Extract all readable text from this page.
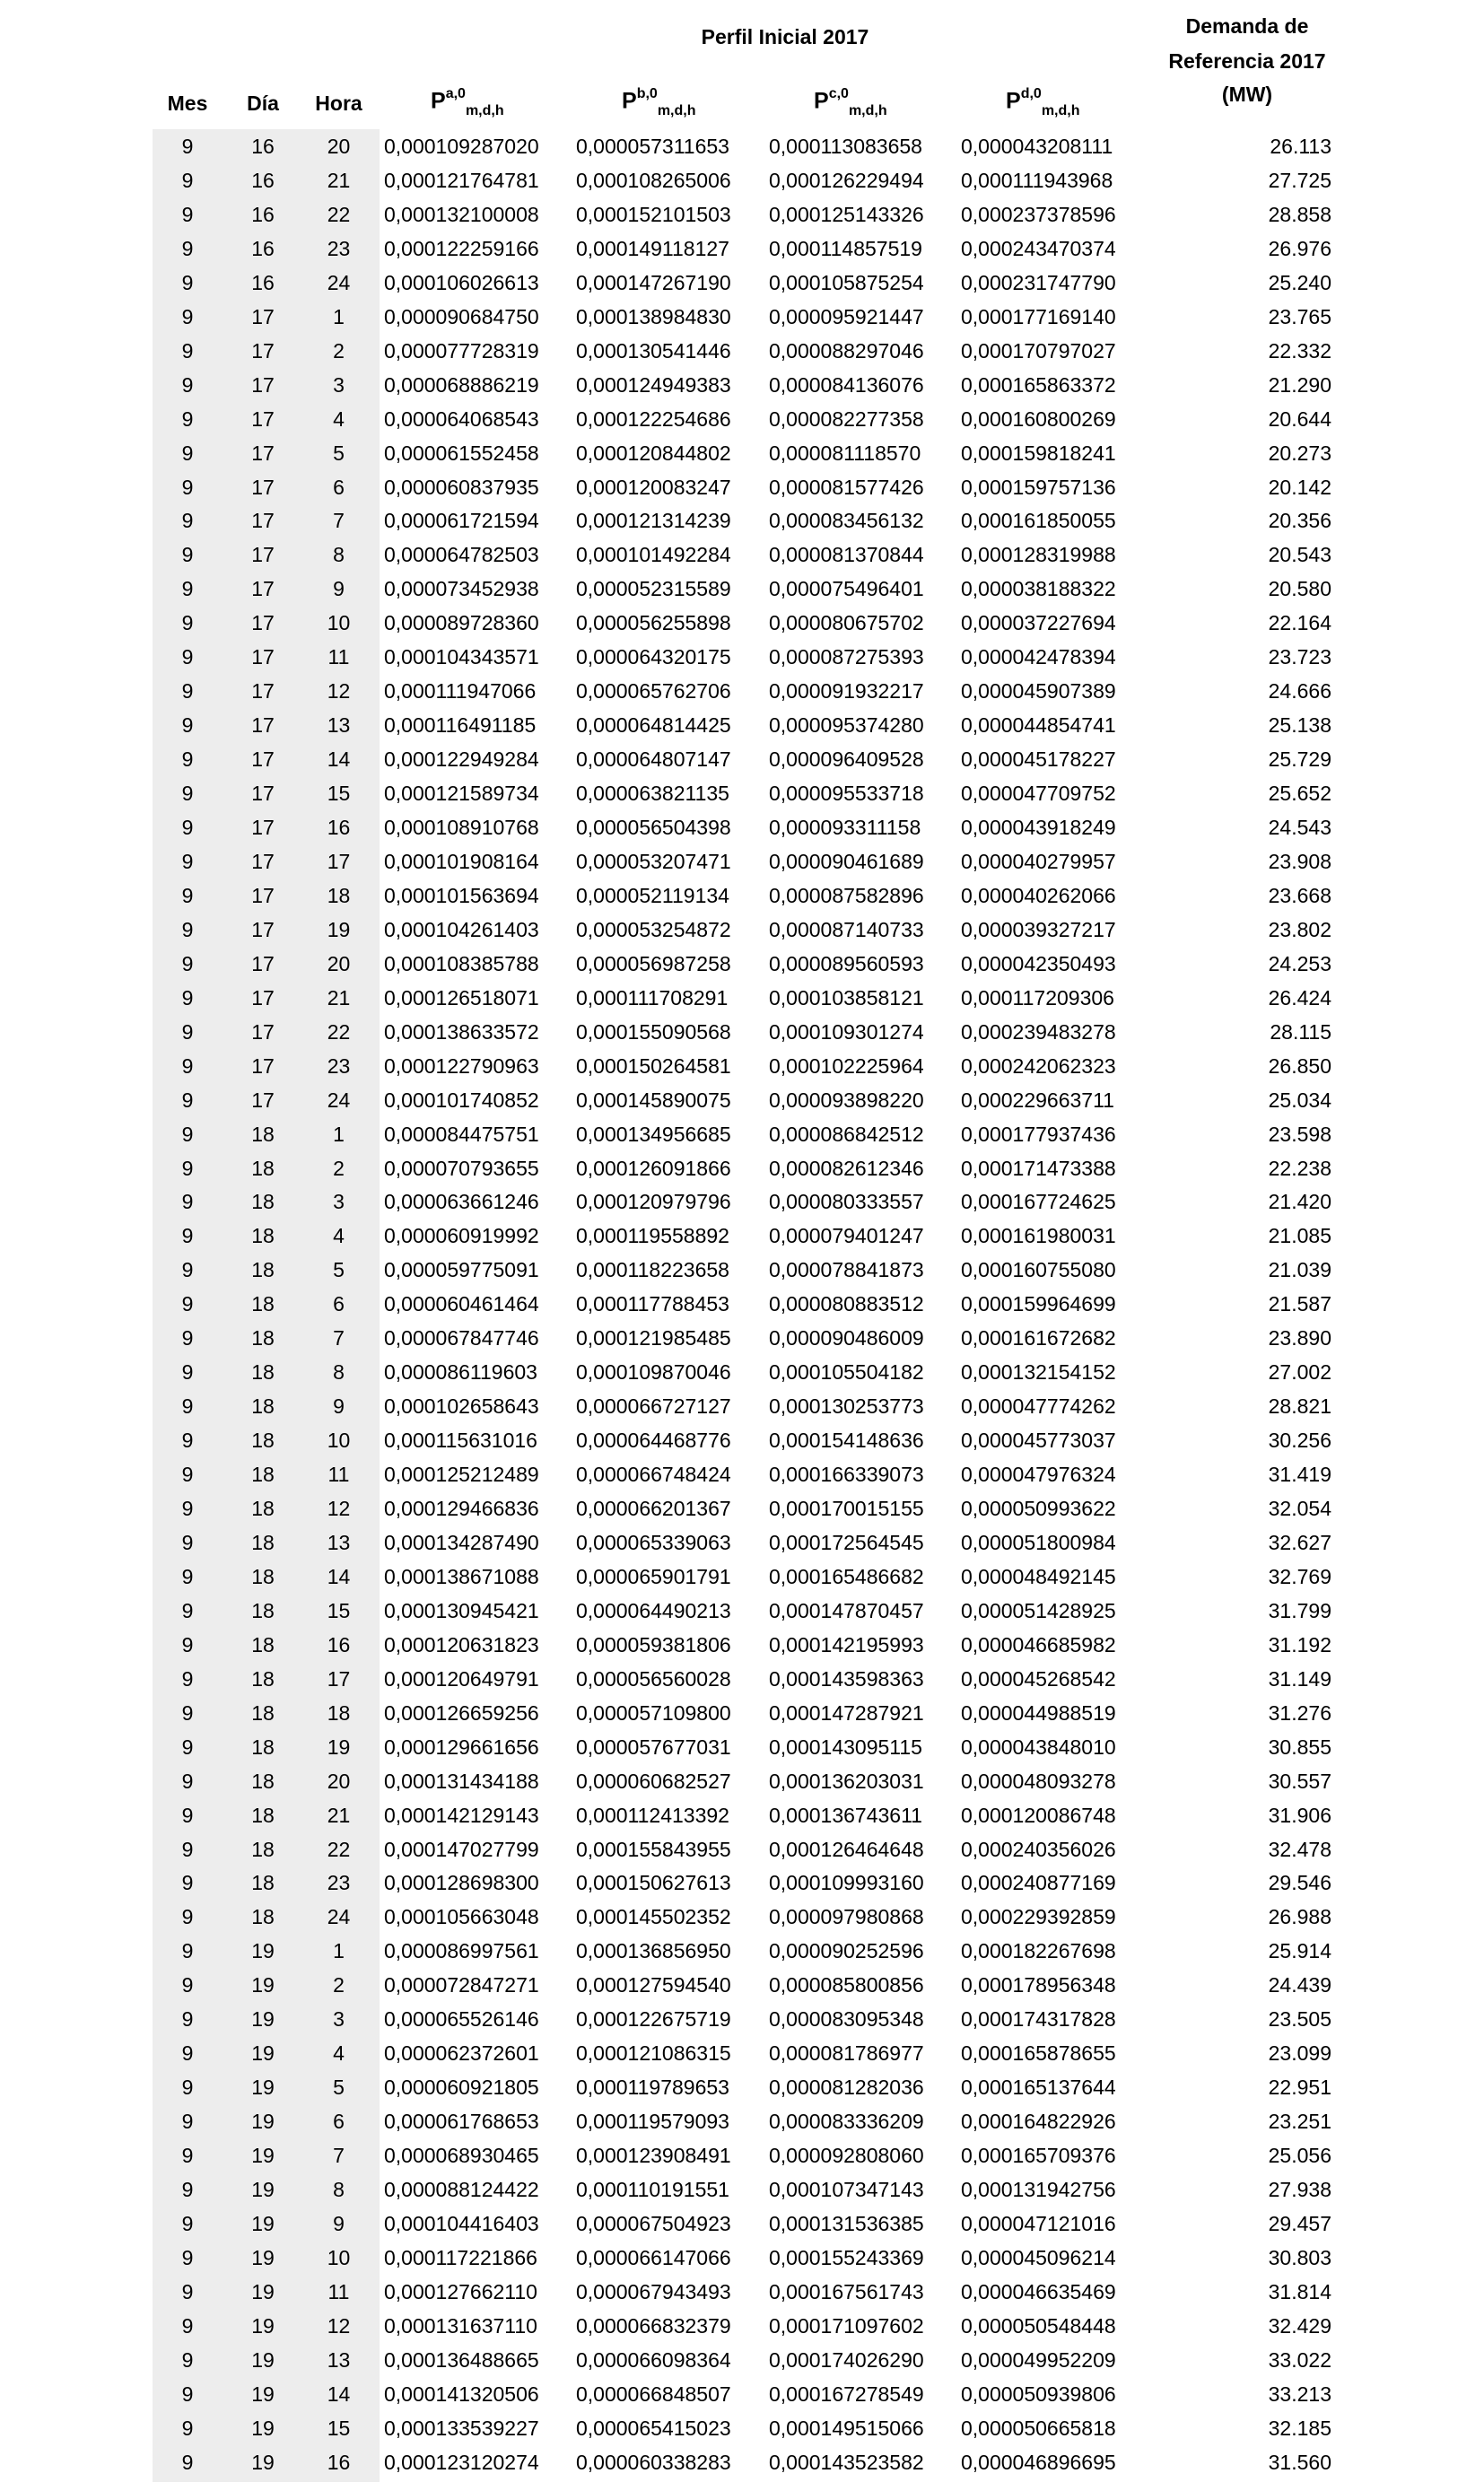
Perfil Inicial 2017	Demanda de
Referencia 2017
(MW)
Mes	Día	Hora	P$^{a,0}_{m,d,h}$	P$^{b,0}_{m,d,h}$	P$^{c,0}_{m,d,h}$	P$^{d,0}_{m,d,h}$
9	16	20	0,000109287020	0,000057311653	0,000113083658	0,000043208111	26.113
9	16	21	0,000121764781	0,000108265006	0,000126229494	0,000111943968	27.725
9	16	22	0,000132100008	0,000152101503	0,000125143326	0,000237378596	28.858
9	16	23	0,000122259166	0,000149118127	0,000114857519	0,000243470374	26.976
9	16	24	0,000106026613	0,000147267190	0,000105875254	0,000231747790	25.240
9	17	1	0,000090684750	0,000138984830	0,000095921447	0,000177169140	23.765
9	17	2	0,000077728319	0,000130541446	0,000088297046	0,000170797027	22.332
9	17	3	0,000068886219	0,000124949383	0,000084136076	0,000165863372	21.290
9	17	4	0,000064068543	0,000122254686	0,000082277358	0,000160800269	20.644
9	17	5	0,000061552458	0,000120844802	0,000081118570	0,000159818241	20.273
9	17	6	0,000060837935	0,000120083247	0,000081577426	0,000159757136	20.142
9	17	7	0,000061721594	0,000121314239	0,000083456132	0,000161850055	20.356
9	17	8	0,000064782503	0,000101492284	0,000081370844	0,000128319988	20.543
9	17	9	0,000073452938	0,000052315589	0,000075496401	0,000038188322	20.580
9	17	10	0,000089728360	0,000056255898	0,000080675702	0,000037227694	22.164
9	17	11	0,000104343571	0,000064320175	0,000087275393	0,000042478394	23.723
9	17	12	0,000111947066	0,000065762706	0,000091932217	0,000045907389	24.666
9	17	13	0,000116491185	0,000064814425	0,000095374280	0,000044854741	25.138
9	17	14	0,000122949284	0,000064807147	0,000096409528	0,000045178227	25.729
9	17	15	0,000121589734	0,000063821135	0,000095533718	0,000047709752	25.652
9	17	16	0,000108910768	0,000056504398	0,000093311158	0,000043918249	24.543
9	17	17	0,000101908164	0,000053207471	0,000090461689	0,000040279957	23.908
9	17	18	0,000101563694	0,000052119134	0,000087582896	0,000040262066	23.668
9	17	19	0,000104261403	0,000053254872	0,000087140733	0,000039327217	23.802
9	17	20	0,000108385788	0,000056987258	0,000089560593	0,000042350493	24.253
9	17	21	0,000126518071	0,000111708291	0,000103858121	0,000117209306	26.424
9	17	22	0,000138633572	0,000155090568	0,000109301274	0,000239483278	28.115
9	17	23	0,000122790963	0,000150264581	0,000102225964	0,000242062323	26.850
9	17	24	0,000101740852	0,000145890075	0,000093898220	0,000229663711	25.034
9	18	1	0,000084475751	0,000134956685	0,000086842512	0,000177937436	23.598
9	18	2	0,000070793655	0,000126091866	0,000082612346	0,000171473388	22.238
9	18	3	0,000063661246	0,000120979796	0,000080333557	0,000167724625	21.420
9	18	4	0,000060919992	0,000119558892	0,000079401247	0,000161980031	21.085
9	18	5	0,000059775091	0,000118223658	0,000078841873	0,000160755080	21.039
9	18	6	0,000060461464	0,000117788453	0,000080883512	0,000159964699	21.587
9	18	7	0,000067847746	0,000121985485	0,000090486009	0,000161672682	23.890
9	18	8	0,000086119603	0,000109870046	0,000105504182	0,000132154152	27.002
9	18	9	0,000102658643	0,000066727127	0,000130253773	0,000047774262	28.821
9	18	10	0,000115631016	0,000064468776	0,000154148636	0,000045773037	30.256
9	18	11	0,000125212489	0,000066748424	0,000166339073	0,000047976324	31.419
9	18	12	0,000129466836	0,000066201367	0,000170015155	0,000050993622	32.054
9	18	13	0,000134287490	0,000065339063	0,000172564545	0,000051800984	32.627
9	18	14	0,000138671088	0,000065901791	0,000165486682	0,000048492145	32.769
9	18	15	0,000130945421	0,000064490213	0,000147870457	0,000051428925	31.799
9	18	16	0,000120631823	0,000059381806	0,000142195993	0,000046685982	31.192
9	18	17	0,000120649791	0,000056560028	0,000143598363	0,000045268542	31.149
9	18	18	0,000126659256	0,000057109800	0,000147287921	0,000044988519	31.276
9	18	19	0,000129661656	0,000057677031	0,000143095115	0,000043848010	30.855
9	18	20	0,000131434188	0,000060682527	0,000136203031	0,000048093278	30.557
9	18	21	0,000142129143	0,000112413392	0,000136743611	0,000120086748	31.906
9	18	22	0,000147027799	0,000155843955	0,000126464648	0,000240356026	32.478
9	18	23	0,000128698300	0,000150627613	0,000109993160	0,000240877169	29.546
9	18	24	0,000105663048	0,000145502352	0,000097980868	0,000229392859	26.988
9	19	1	0,000086997561	0,000136856950	0,000090252596	0,000182267698	25.914
9	19	2	0,000072847271	0,000127594540	0,000085800856	0,000178956348	24.439
9	19	3	0,000065526146	0,000122675719	0,000083095348	0,000174317828	23.505
9	19	4	0,000062372601	0,000121086315	0,000081786977	0,000165878655	23.099
9	19	5	0,000060921805	0,000119789653	0,000081282036	0,000165137644	22.951
9	19	6	0,000061768653	0,000119579093	0,000083336209	0,000164822926	23.251
9	19	7	0,000068930465	0,000123908491	0,000092808060	0,000165709376	25.056
9	19	8	0,000088124422	0,000110191551	0,000107347143	0,000131942756	27.938
9	19	9	0,000104416403	0,000067504923	0,000131536385	0,000047121016	29.457
9	19	10	0,000117221866	0,000066147066	0,000155243369	0,000045096214	30.803
9	19	11	0,000127662110	0,000067943493	0,000167561743	0,000046635469	31.814
9	19	12	0,000131637110	0,000066832379	0,000171097602	0,000050548448	32.429
9	19	13	0,000136488665	0,000066098364	0,000174026290	0,000049952209	33.022
9	19	14	0,000141320506	0,000066848507	0,000167278549	0,000050939806	33.213
9	19	15	0,000133539227	0,000065415023	0,000149515066	0,000050665818	32.185
9	19	16	0,000123120274	0,000060338283	0,000143523582	0,000046896695	31.560
